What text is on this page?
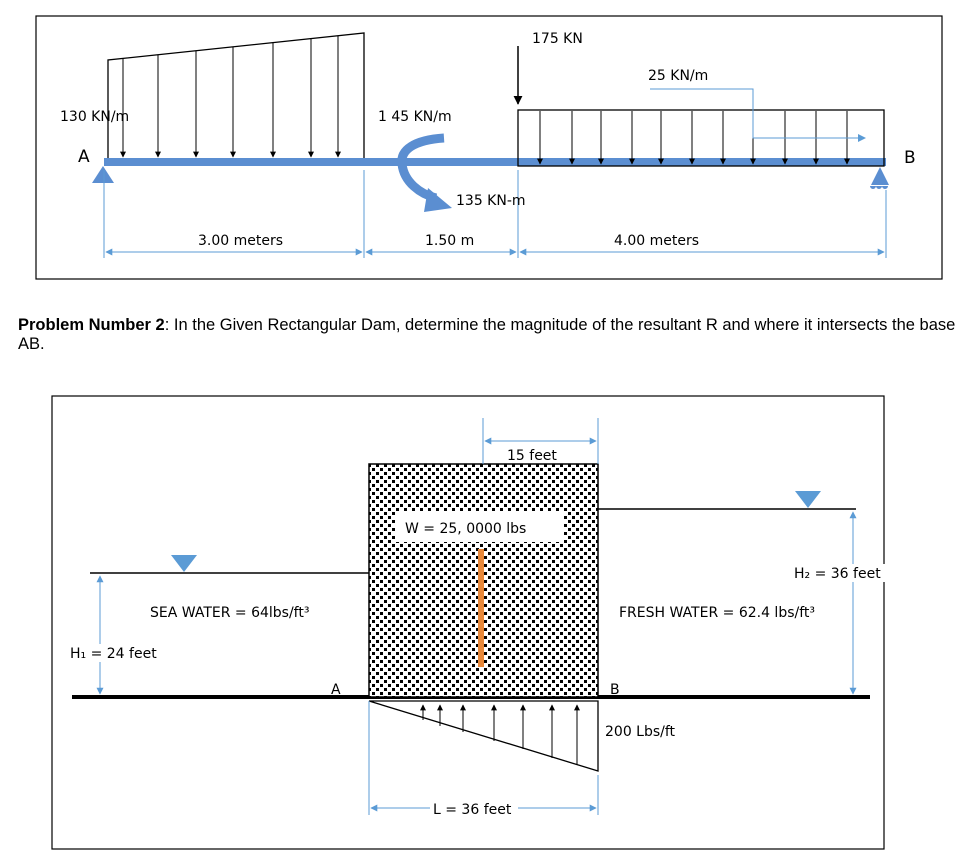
130 KN/m	1 45 KN/m
175 KN
25 KN/m
135 KN-m
A	B
3.00 meters	1.50 m	4.00 meters
W = 25, 0000 lbs
15 feet
SEA WATER = 64lbs/ft³
H₁ = 24 feet
FRESH WATER = 62.4 lbs/ft³
H₂ = 36 feet
A	B
200 Lbs/ft
L = 36 feet
Problem Number 2: In the Given Rectangular Dam, determine the magnitude of the resultant R and where it intersects the base AB.
